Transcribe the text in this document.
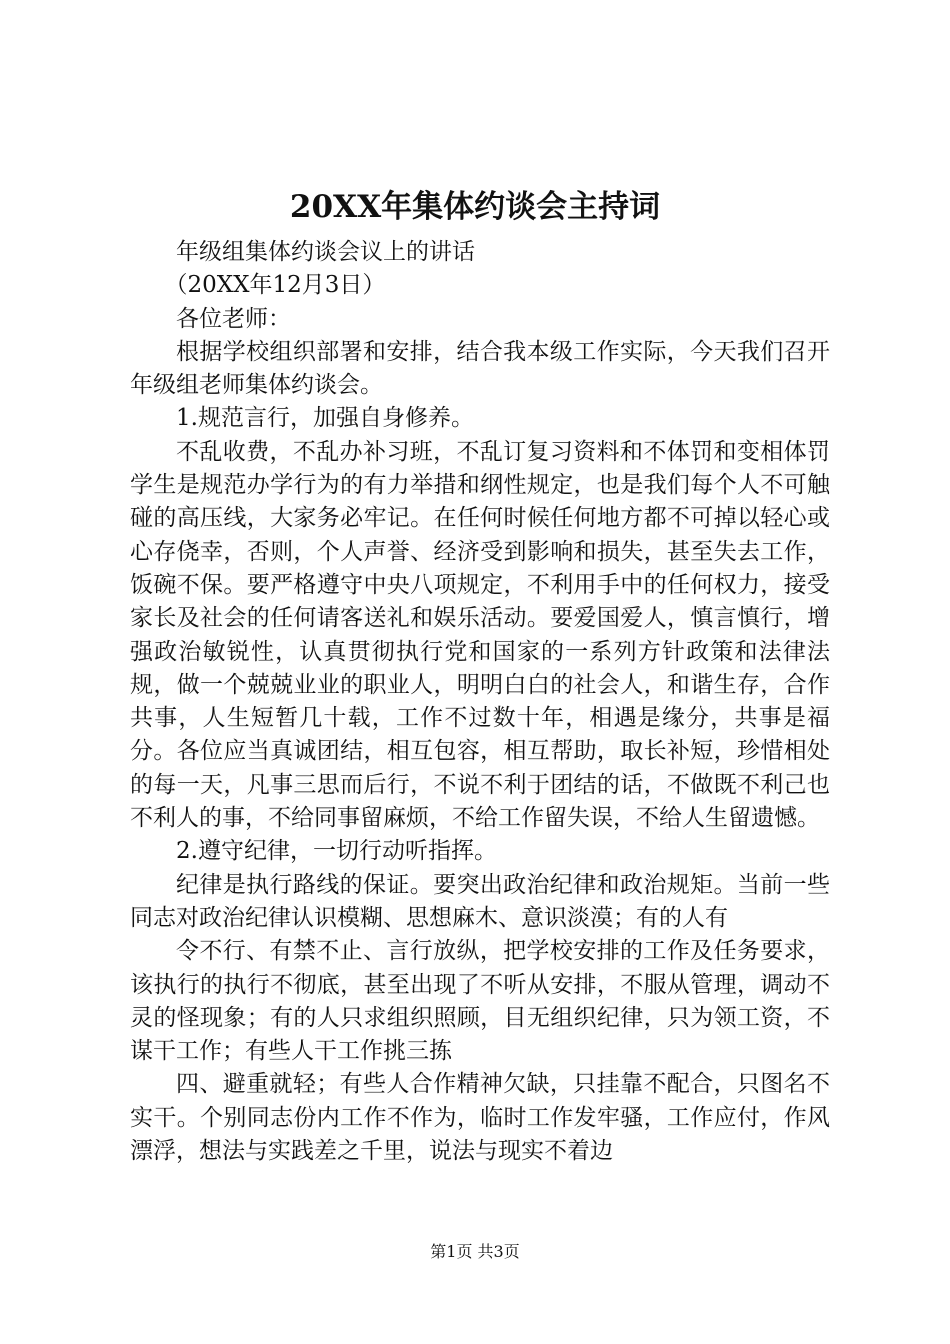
20XX年集体约谈会主持词

年级组集体约谈会议上的讲话

（20XX年12月3日）

各位老师：

根据学校组织部署和安排，结合我本级工作实际，今天我们召开年级组老师集体约谈会。

1.规范言行，加强自身修养。

不乱收费，不乱办补习班，不乱订复习资料和不体罚和变相体罚学生是规范办学行为的有力举措和纲性规定，也是我们每个人不可触碰的高压线，大家务必牢记。在任何时候任何地方都不可掉以轻心或心存侥幸，否则，个人声誉、经济受到影响和损失，甚至失去工作，饭碗不保。要严格遵守中央八项规定，不利用手中的任何权力，接受家长及社会的任何请客送礼和娱乐活动。要爱国爱人，慎言慎行，增强政治敏锐性，认真贯彻执行党和国家的一系列方针政策和法律法规，做一个兢兢业业的职业人，明明白白的社会人，和谐生存，合作共事，人生短暂几十载，工作不过数十年，相遇是缘分，共事是福分。各位应当真诚团结，相互包容，相互帮助，取长补短，珍惜相处的每一天，凡事三思而后行，不说不利于团结的话，不做既不利己也不利人的事，不给同事留麻烦，不给工作留失误，不给人生留遗憾。

2.遵守纪律，一切行动听指挥。

纪律是执行路线的保证。要突出政治纪律和政治规矩。当前一些同志对政治纪律认识模糊、思想麻木、意识淡漠；有的人有

令不行、有禁不止、言行放纵，把学校安排的工作及任务要求，该执行的执行不彻底，甚至出现了不听从安排，不服从管理，调动不灵的怪现象；有的人只求组织照顾，目无组织纪律，只为领工资，不谋干工作；有些人干工作挑三拣

四、避重就轻；有些人合作精神欠缺，只挂靠不配合，只图名不实干。个别同志份内工作不作为，临时工作发牢骚，工作应付，作风漂浮，想法与实践差之千里，说法与现实不着边

第1页 共3页
